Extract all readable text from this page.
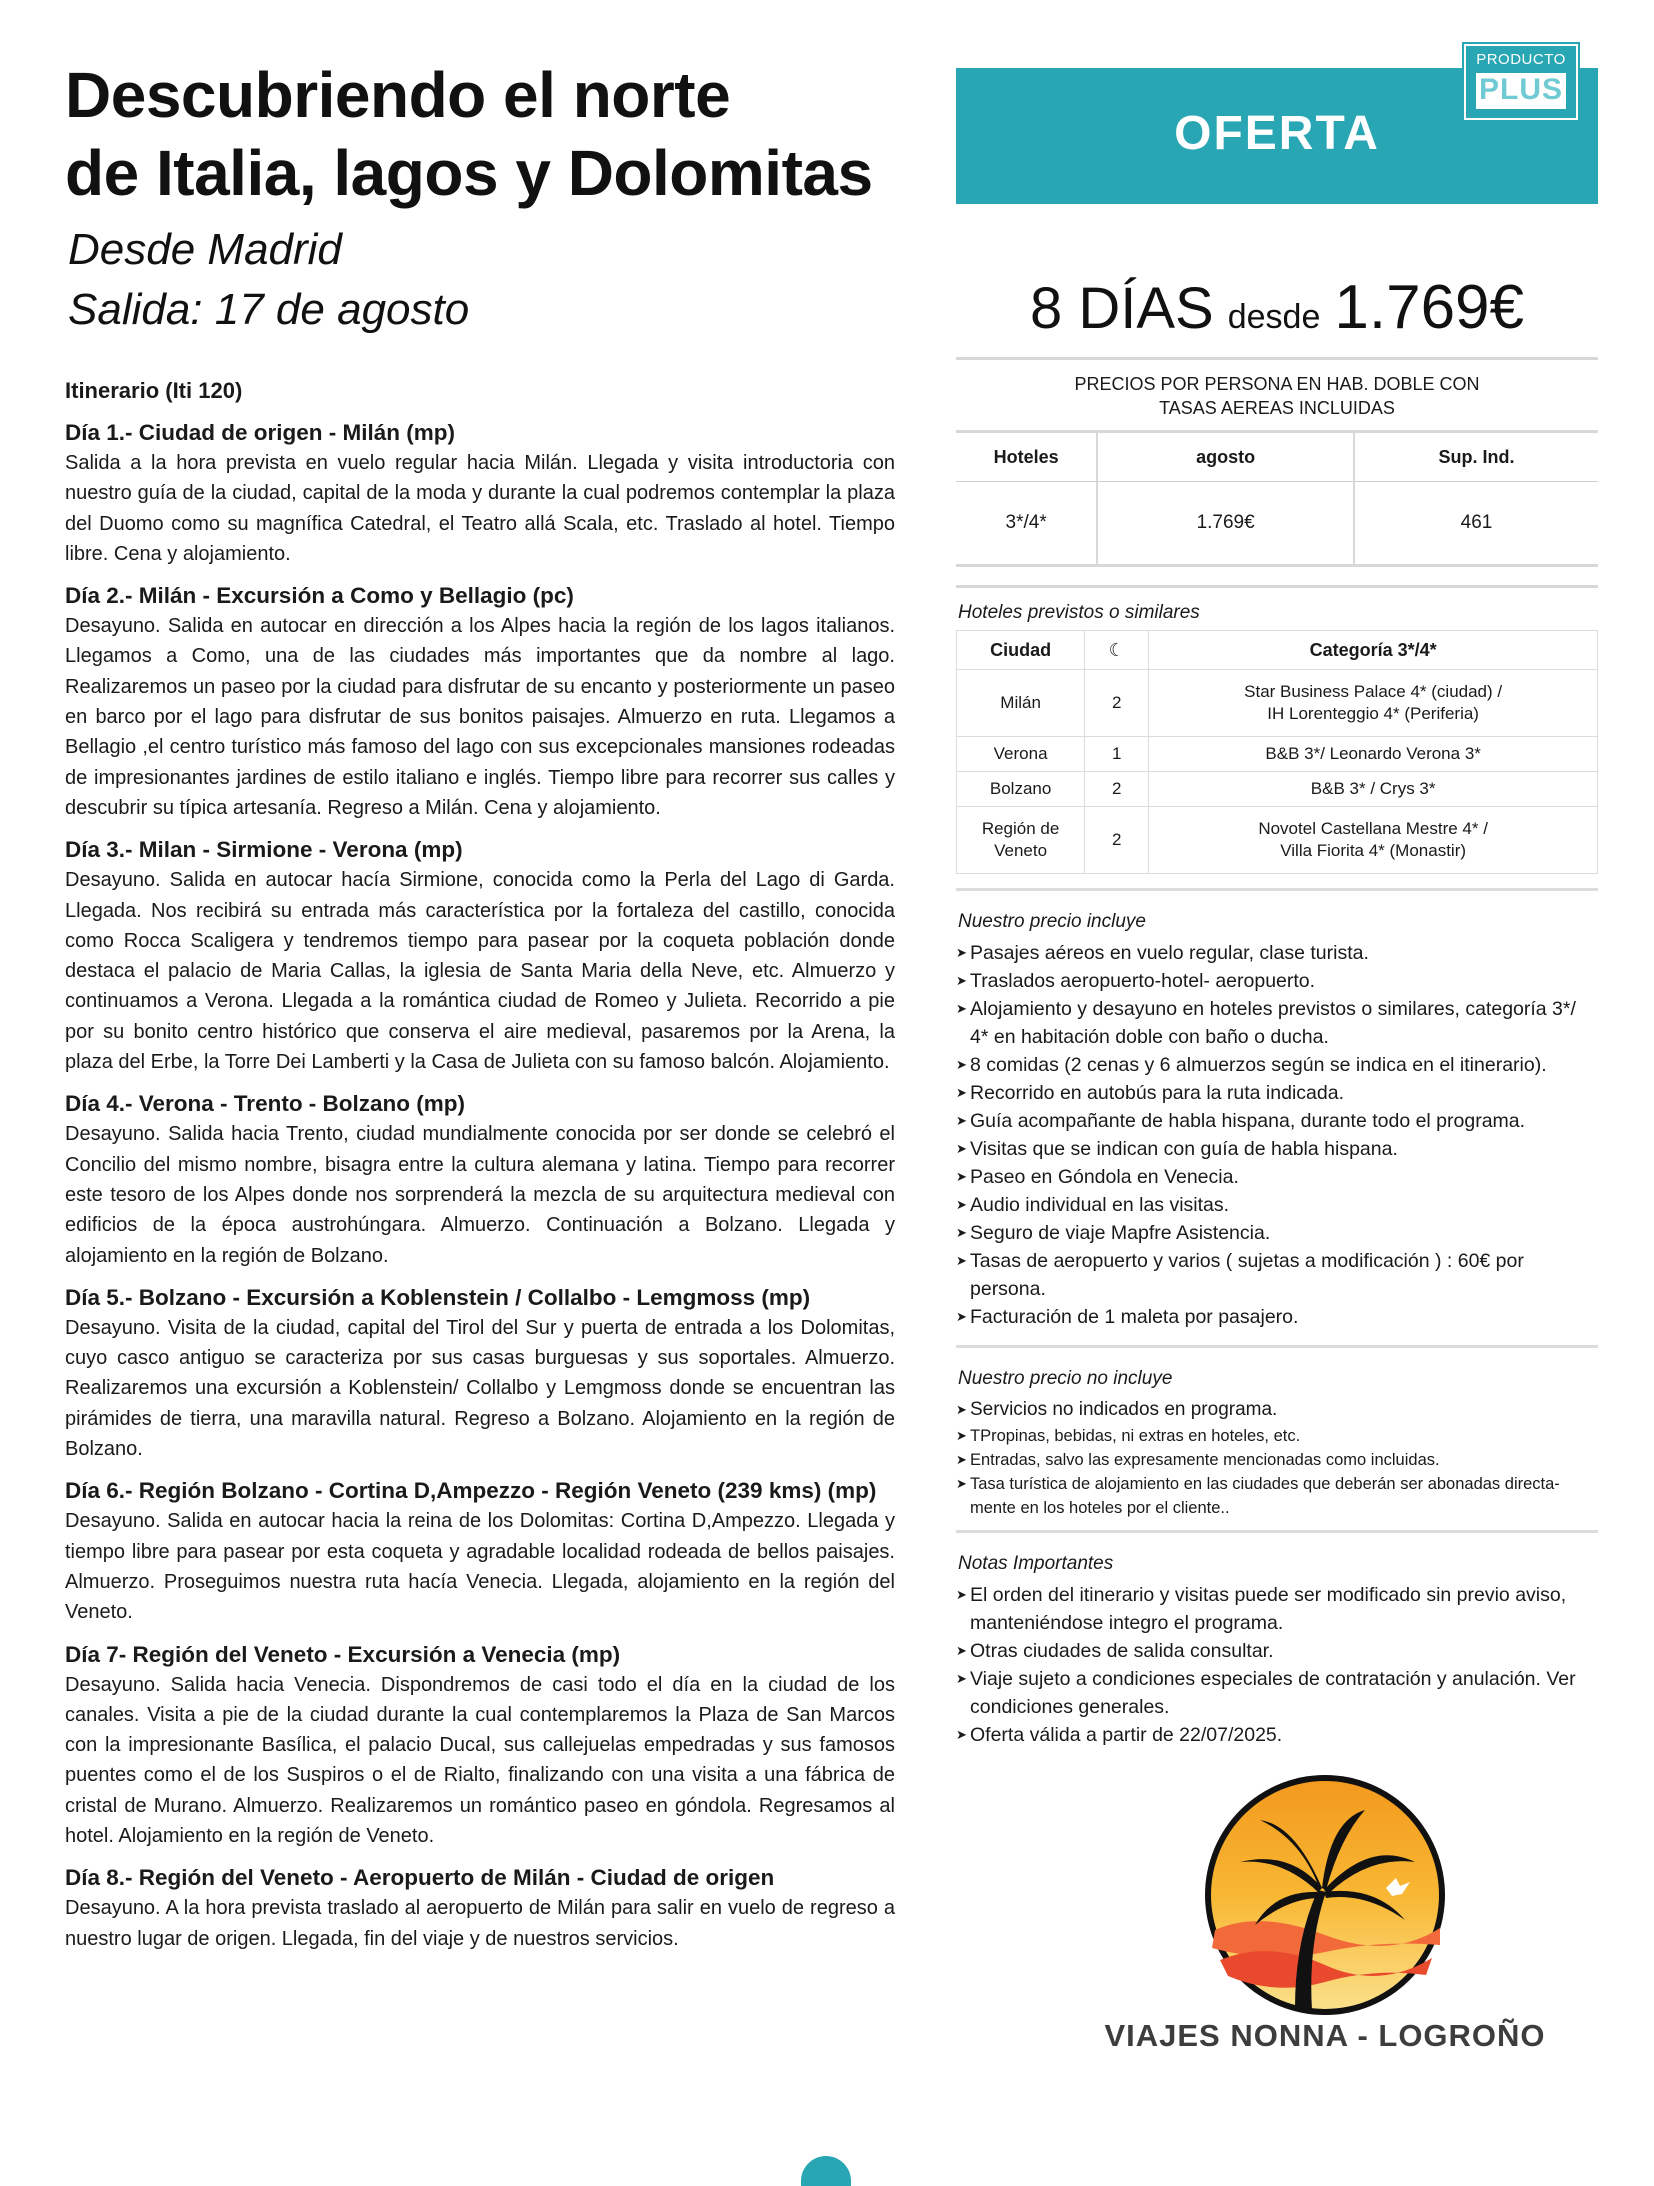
Descubriendo el norte
de Italia, lagos y Dolomitas
Desde Madrid
Salida: 17 de agosto
Itinerario (Iti 120)
Día 1.- Ciudad de origen - Milán (mp)
Salida a la hora prevista en vuelo regular hacia Milán. Llegada y visita introductoria con nuestro guía de la ciudad, capital de la moda y durante la cual podremos contemplar la plaza del Duomo como su magnífica Catedral, el Teatro allá Scala, etc. Traslado al hotel. Tiempo libre. Cena y alojamiento.
Día 2.- Milán - Excursión a Como y Bellagio (pc)
Desayuno. Salida en autocar en dirección a los Alpes hacia la región de los lagos italianos. Llegamos a Como, una de las ciudades más importantes que da nombre al lago. Realizaremos un paseo por la ciudad para disfrutar de su encanto y posteriormente un paseo en barco por el lago para disfrutar de sus bonitos paisajes. Almuerzo en ruta. Llegamos a Bellagio ,el centro turístico más famoso del lago con sus excepcionales mansiones rodeadas de impresionantes jardines de estilo italiano e inglés. Tiempo libre para recorrer sus calles y descubrir su típica artesanía. Regreso a Milán. Cena y alojamiento.
Día 3.- Milan - Sirmione - Verona (mp)
Desayuno. Salida en autocar hacía Sirmione, conocida como la Perla del Lago di Garda. Llegada. Nos recibirá su entrada más característica por la fortaleza del castillo, conocida como Rocca Scaligera y tendremos tiempo para pasear por la coqueta población donde destaca el palacio de Maria Callas, la iglesia de Santa Maria della Neve, etc. Almuerzo y continuamos a Verona. Llegada a la romántica ciudad de Romeo y Julieta. Recorrido a pie por su bonito centro histórico que conserva el aire medieval, pasaremos por la Arena, la plaza del Erbe, la Torre Dei Lamberti y la Casa de Julieta con su famoso balcón. Alojamiento.
Día 4.- Verona - Trento - Bolzano (mp)
Desayuno. Salida hacia Trento, ciudad mundialmente conocida por ser donde se celebró el Concilio del mismo nombre, bisagra entre la cultura alemana y latina. Tiempo para recorrer este tesoro de los Alpes donde nos sorprenderá la mezcla de su arquitectura medieval con edificios de la época austrohúngara. Almuerzo. Continuación a Bolzano. Llegada y alojamiento en la región de Bolzano.
Día 5.- Bolzano - Excursión a Koblenstein / Collalbo - Lemgmoss (mp)
Desayuno. Visita de la ciudad, capital del Tirol del Sur y puerta de entrada a los Dolomitas, cuyo casco antiguo se caracteriza por sus casas burguesas y sus soportales. Almuerzo. Realizaremos una excursión a Koblenstein/ Collalbo y Lemgmoss donde se encuentran las pirámides de tierra, una maravilla natural. Regreso a Bolzano. Alojamiento en la región de Bolzano.
Día 6.- Región Bolzano - Cortina D,Ampezzo - Región Veneto (239 kms) (mp)
Desayuno. Salida en autocar hacia la reina de los Dolomitas: Cortina D,Ampezzo. Llegada y tiempo libre para pasear por esta coqueta y agradable localidad rodeada de bellos paisajes. Almuerzo. Proseguimos nuestra ruta hacía Venecia. Llegada, alojamiento en la región del Veneto.
Día 7- Región del Veneto - Excursión a Venecia (mp)
Desayuno. Salida hacia Venecia. Dispondremos de casi todo el día en la ciudad de los canales. Visita a pie de la ciudad durante la cual contemplaremos la Plaza de San Marcos con la impresionante Basílica, el palacio Ducal, sus callejuelas empedradas y sus famosos puentes como el de los Suspiros o el de Rialto, finalizando con una visita a una fábrica de cristal de Murano. Almuerzo. Realizaremos un romántico paseo en góndola. Regresamos al hotel. Alojamiento en la región de Veneto.
Día 8.- Región del Veneto - Aeropuerto de Milán - Ciudad de origen
Desayuno. A la hora prevista traslado al aeropuerto de Milán para salir en vuelo de regreso a nuestro lugar de origen. Llegada, fin del viaje y de nuestros servicios.
OFERTA
PRODUCTO
PLUS
8 DÍAS desde 1.769€
PRECIOS POR PERSONA EN HAB. DOBLE CON
TASAS AEREAS INCLUIDAS
Hoteles	agosto	Sup. Ind.
3*/4*	1.769€	461
Hoteles previstos o similares
Ciudad	☾	Categoría 3*/4*
Milán	2	Star Business Palace 4* (ciudad) /
IH Lorenteggio 4* (Periferia)
Verona	1	B&B 3*/ Leonardo Verona 3*
Bolzano	2	B&B 3* / Crys 3*
Región de
Veneto	2	Novotel Castellana Mestre 4* /
Villa Fiorita 4* (Monastir)
Nuestro precio incluye
➤ Pasajes aéreos en vuelo regular, clase turista.
➤ Traslados aeropuerto-hotel- aeropuerto.
➤ Alojamiento y desayuno en hoteles previstos o similares, categoría 3*/ 4* en habitación doble con baño o ducha.
➤ 8 comidas (2 cenas y 6 almuerzos según se indica en el itinerario).
➤ Recorrido en autobús para la ruta indicada.
➤ Guía acompañante de habla hispana, durante todo el programa.
➤ Visitas que se indican con guía de habla hispana.
➤ Paseo en Góndola en Venecia.
➤ Audio individual en las visitas.
➤ Seguro de viaje Mapfre Asistencia.
➤ Tasas de aeropuerto y varios ( sujetas a modificación ) : 60€ por persona.
➤ Facturación de 1 maleta por pasajero.
Nuestro precio no incluye
➤ Servicios no indicados en programa.
➤ TPropinas, bebidas, ni extras en hoteles, etc.
➤ Entradas, salvo las expresamente mencionadas como incluidas.
➤ Tasa turística de alojamiento en las ciudades que deberán ser abonadas directa-mente en los hoteles por el cliente..
Notas Importantes
➤ El orden del itinerario y visitas puede ser modificado sin previo aviso, manteniéndose integro el programa.
➤ Otras ciudades de salida consultar.
➤ Viaje sujeto a condiciones especiales de contratación y anulación. Ver condiciones generales.
➤ Oferta válida a partir de 22/07/2025.
VIAJES NONNA - LOGROÑO
